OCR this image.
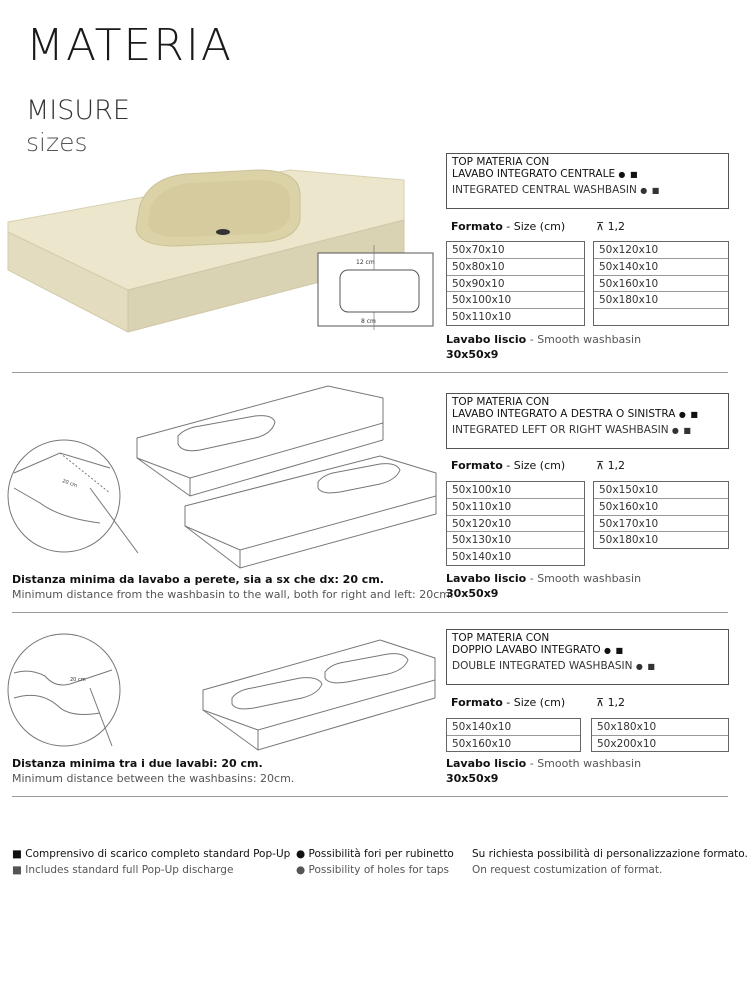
MATERIA
MISURE
sizes
12 cm
8 cm
TOP MATERIA CON
LAVABO INTEGRATO CENTRALE ● ■
INTEGRATED CENTRAL WASHBASIN ● ■
Formato - Size (cm)	⊼ 1,2
50x70x10
50x80x10
50x90x10
50x100x10
50x110x10
50x120x10
50x140x10
50x160x10
50x180x10
Lavabo liscio - Smooth washbasin
30x50x9
20 cm
TOP MATERIA CON
LAVABO INTEGRATO A DESTRA O SINISTRA ● ■
INTEGRATED LEFT OR RIGHT WASHBASIN ● ■
Formato - Size (cm)	⊼ 1,2
50x100x10
50x110x10
50x120x10
50x130x10
50x140x10
50x150x10
50x160x10
50x170x10
50x180x10
Distanza minima da lavabo a perete, sia a sx che dx: 20 cm.
Minimum distance from the washbasin to the wall, both for right and left: 20cm.
Lavabo liscio - Smooth washbasin
30x50x9
20 cm
TOP MATERIA CON
DOPPIO LAVABO INTEGRATO ● ■
DOUBLE INTEGRATED WASHBASIN ● ■
Formato - Size (cm)	⊼ 1,2
50x140x10
50x160x10
50x180x10
50x200x10
Distanza minima tra i due lavabi: 20 cm.
Minimum distance between the washbasins: 20cm.
Lavabo liscio - Smooth washbasin
30x50x9
■ Comprensivo di scarico completo standard Pop-Up
■ Includes standard full Pop-Up discharge
● Possibilità fori per rubinetto
● Possibility of holes for taps
Su richiesta possibilità di personalizzazione formato.
On request costumization of format.
